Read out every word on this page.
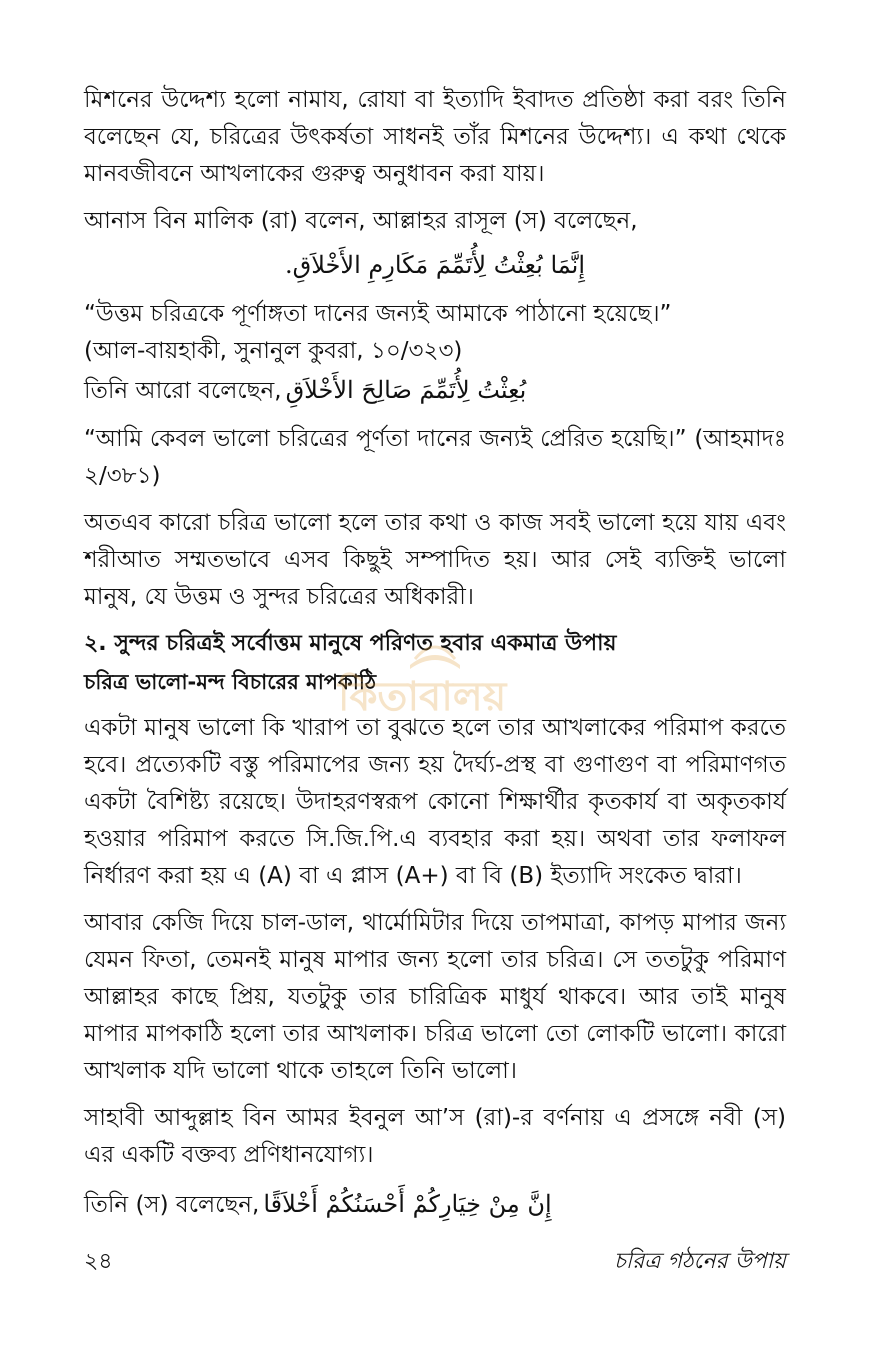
মিশনের উদ্দেশ্য হলো নামায, রোযা বা ইত্যাদি ইবাদত প্রতিষ্ঠা করা বরং তিনি বলেছেন যে, চরিত্রের উৎকর্ষতা সাধনই তাঁর মিশনের উদ্দেশ্য। এ কথা থেকে মানবজীবনে আখলাকের গুরুত্ব অনুধাবন করা যায়।

আনাস বিন মালিক (রা) বলেন, আল্লাহর রাসূল (স) বলেছেন,

إِنَّمَا بُعِثْتُ لِأُتَمِّمَ مَكَارِمِ الأَخْلاَقِ.

“উত্তম চরিত্রকে পূর্ণাঙ্গতা দানের জন্যই আমাকে পাঠানো হয়েছে।”

(আল-বায়হাকী, সুনানুল কুবরা, ১০/৩২৩)

তিনি আরো বলেছেন, بُعِثْتُ لِأُتَمِّمَ صَالِحَ الأَخْلاَقِ

“আমি কেবল ভালো চরিত্রের পূর্ণতা দানের জন্যই প্রেরিত হয়েছি।” (আহমাদঃ ২/৩৮১)

অতএব কারো চরিত্র ভালো হলে তার কথা ও কাজ সবই ভালো হয়ে যায় এবং শরীআত সম্মতভাবে এসব কিছুই সম্পাদিত হয়। আর সেই ব্যক্তিই ভালো মানুষ, যে উত্তম ও সুন্দর চরিত্রের অধিকারী।

২. সুন্দর চরিত্রই সর্বোত্তম মানুষে পরিণত হবার একমাত্র উপায়
চরিত্র ভালো-মন্দ বিচারের মাপকাঠি

একটা মানুষ ভালো কি খারাপ তা বুঝতে হলে তার আখলাকের পরিমাপ করতে হবে। প্রত্যেকটি বস্তু পরিমাপের জন্য হয় দৈর্ঘ্য-প্রস্থ বা গুণাগুণ বা পরিমাণগত একটা বৈশিষ্ট্য রয়েছে। উদাহরণস্বরূপ কোনো শিক্ষার্থীর কৃতকার্য বা অকৃতকার্য হওয়ার পরিমাপ করতে সি.জি.পি.এ ব্যবহার করা হয়। অথবা তার ফলাফল নির্ধারণ করা হয় এ (A) বা এ প্লাস (A+) বা বি (B) ইত্যাদি সংকেত দ্বারা।

আবার কেজি দিয়ে চাল-ডাল, থার্মোমিটার দিয়ে তাপমাত্রা, কাপড় মাপার জন্য যেমন ফিতা, তেমনই মানুষ মাপার জন্য হলো তার চরিত্র। সে ততটুকু পরিমাণ আল্লাহর কাছে প্রিয়, যতটুকু তার চারিত্রিক মাধুর্য থাকবে। আর তাই মানুষ মাপার মাপকাঠি হলো তার আখলাক। চরিত্র ভালো তো লোকটি ভালো। কারো আখলাক যদি ভালো থাকে তাহলে তিনি ভালো।

সাহাবী আব্দুল্লাহ বিন আমর ইবনুল আ’স (রা)-র বর্ণনায় এ প্রসঙ্গে নবী (স) এর একটি বক্তব্য প্রণিধানযোগ্য।

তিনি (স) বলেছেন, إِنَّ مِنْ خِيَارِكُمْ أَحْسَنُكُمْ أَخْلاَقًا
কিতাবালয়
২৪	চরিত্র গঠনের উপায়
